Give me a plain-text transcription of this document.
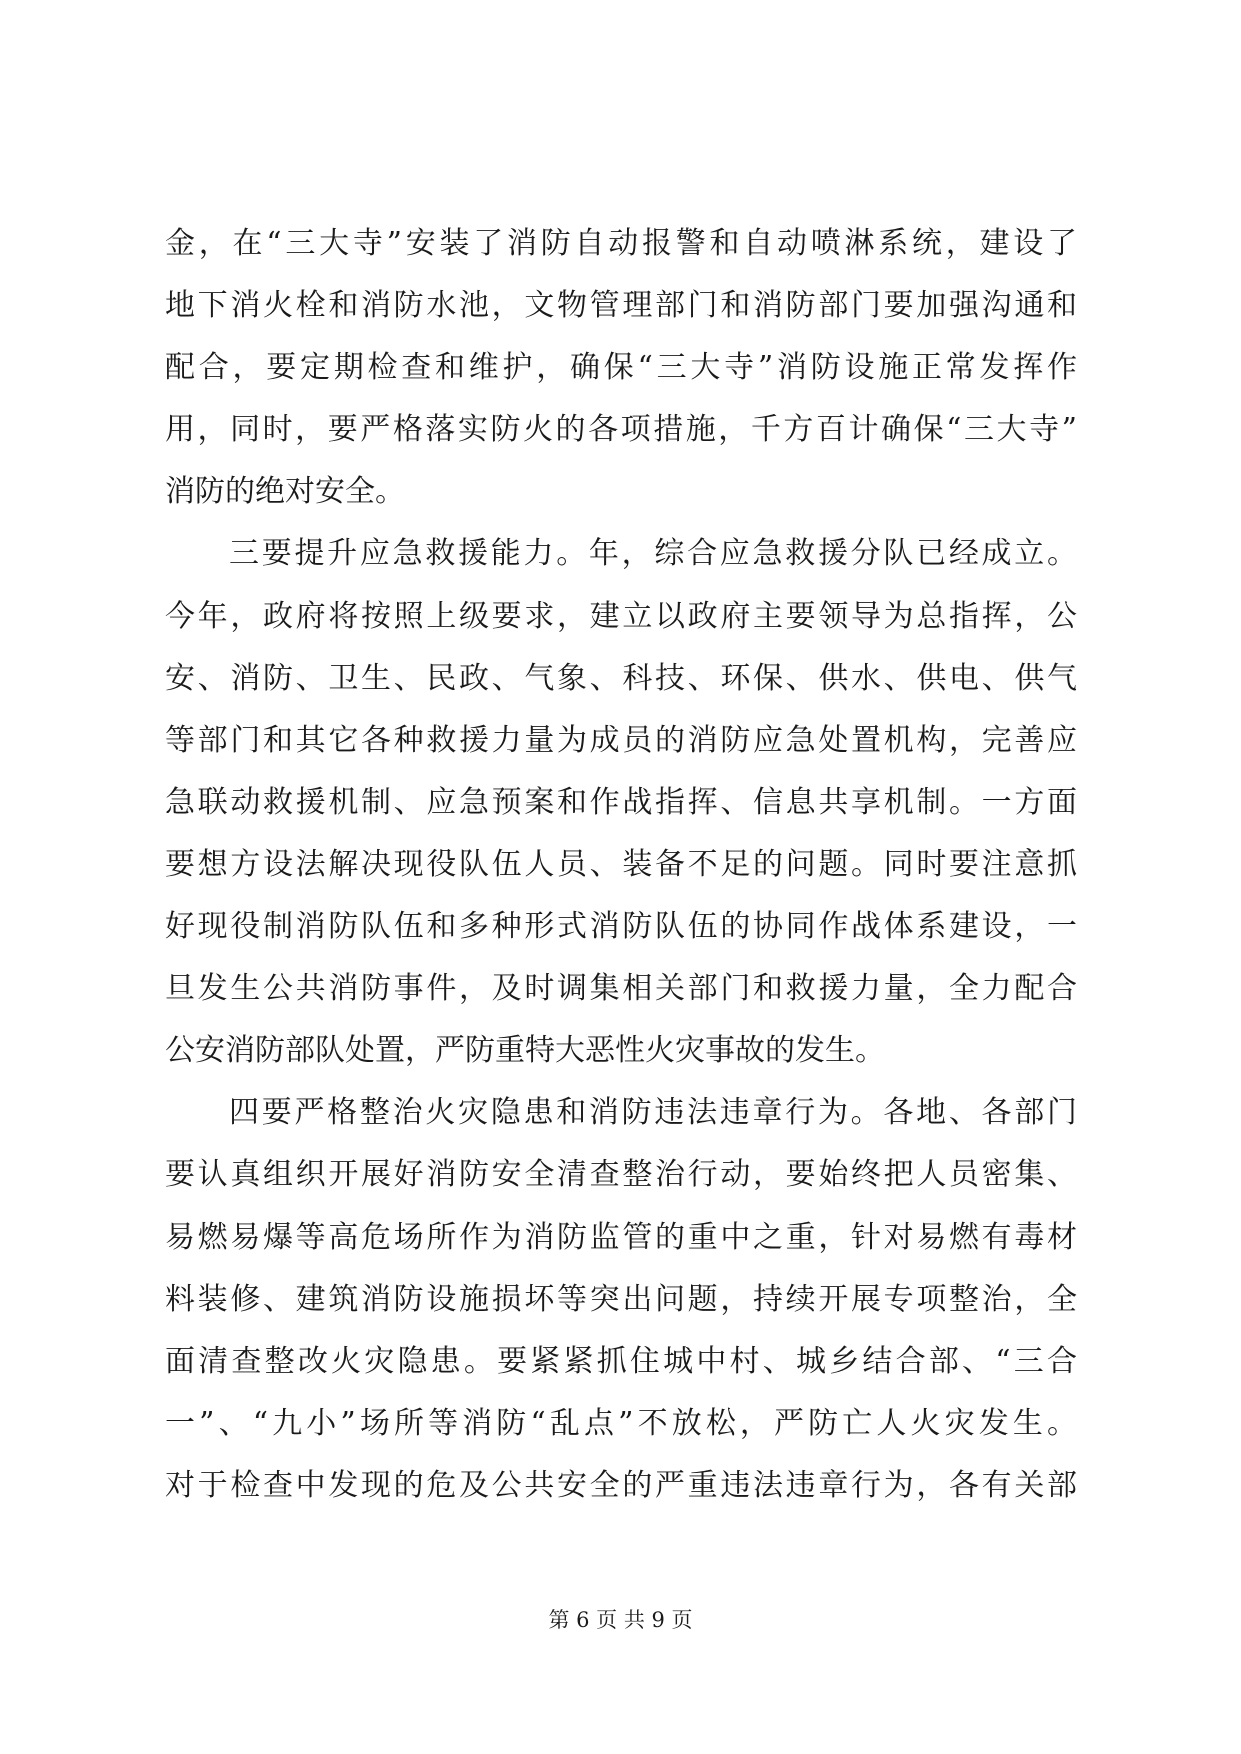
金，在“三大寺”安装了消防自动报警和自动喷淋系统，建设了
地下消火栓和消防水池，文物管理部门和消防部门要加强沟通和
配合，要定期检查和维护，确保“三大寺”消防设施正常发挥作
用，同时，要严格落实防火的各项措施，千方百计确保“三大寺”
消防的绝对安全。
三要提升应急救援能力。年，综合应急救援分队已经成立。
今年，政府将按照上级要求，建立以政府主要领导为总指挥，公
安、消防、卫生、民政、气象、科技、环保、供水、供电、供气
等部门和其它各种救援力量为成员的消防应急处置机构，完善应
急联动救援机制、应急预案和作战指挥、信息共享机制。一方面
要想方设法解决现役队伍人员、装备不足的问题。同时要注意抓
好现役制消防队伍和多种形式消防队伍的协同作战体系建设，一
旦发生公共消防事件，及时调集相关部门和救援力量，全力配合
公安消防部队处置，严防重特大恶性火灾事故的发生。
四要严格整治火灾隐患和消防违法违章行为。各地、各部门
要认真组织开展好消防安全清查整治行动，要始终把人员密集、
易燃易爆等高危场所作为消防监管的重中之重，针对易燃有毒材
料装修、建筑消防设施损坏等突出问题，持续开展专项整治，全
面清查整改火灾隐患。要紧紧抓住城中村、城乡结合部、“三合
一”、“九小”场所等消防“乱点”不放松，严防亡人火灾发生。
对于检查中发现的危及公共安全的严重违法违章行为，各有关部
第 6 页 共 9 页
